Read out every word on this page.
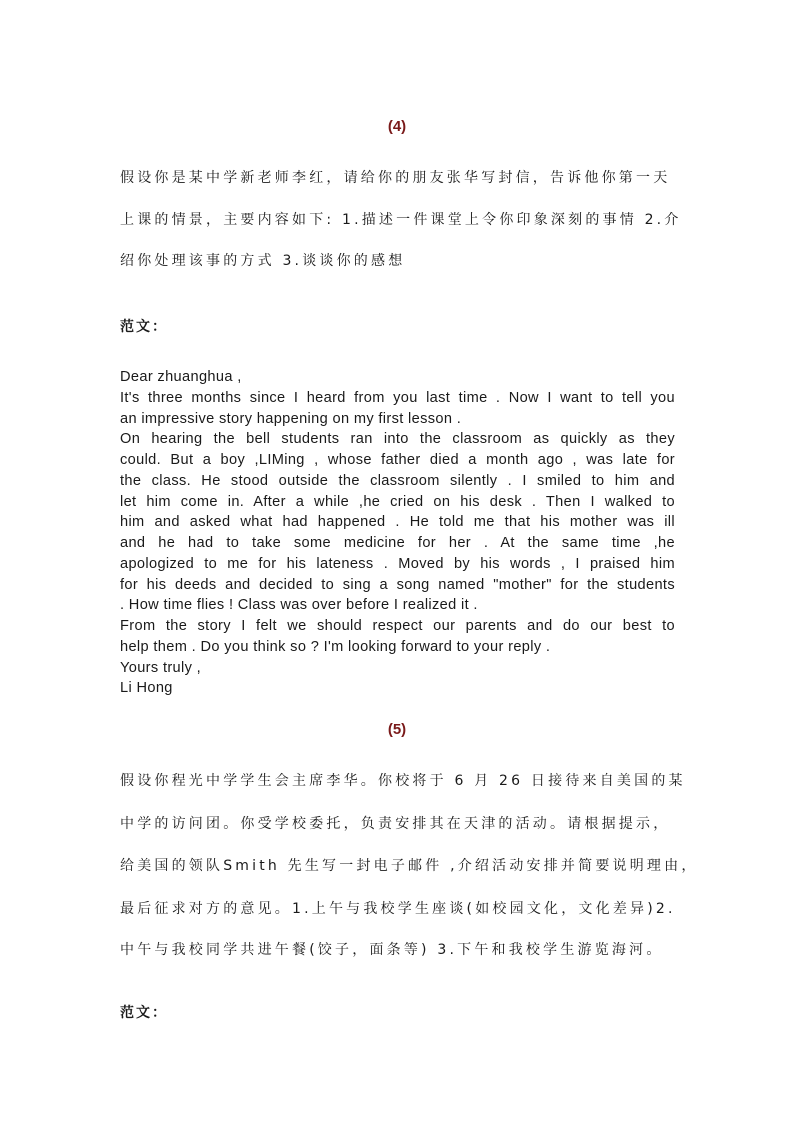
(4)

假设你是某中学新老师李红，请给你的朋友张华写封信，告诉他你第一天

上课的情景，主要内容如下: 1.描述一件课堂上令你印象深刻的事情 2.介

绍你处理该事的方式 3.谈谈你的感想

范文：
Dear zhuanghua ,
It's three months since I heard from you last time . Now I want to tell you
an impressive story happening on my first lesson .
On hearing the bell students ran into the classroom as quickly as they
could. But a boy ,LIMing , whose father died a month ago , was late for
the class. He stood outside the classroom silently . I smiled to him and
let him come in. After a while ,he cried on his desk . Then I walked to
him and asked what had happened . He told me that his mother was ill
and he had to take some medicine for her . At the same time ,he
apologized to me for his lateness . Moved by his words , I praised him
for his deeds and decided to sing a song named "mother" for the students
. How time flies ! Class was over before I realized it .
From the story I felt we should respect our parents and do our best to
help them . Do you think so ? I'm looking forward to your reply .
Yours truly ,
Li Hong
(5)

假设你程光中学学生会主席李华。你校将于 6 月 26 日接待来自美国的某

中学的访问团。你受学校委托，负责安排其在天津的活动。请根据提示，

给美国的领队Smith 先生写一封电子邮件 ,介绍活动安排并简要说明理由，

最后征求对方的意见。1.上午与我校学生座谈(如校园文化，文化差异)2.

中午与我校同学共进午餐(饺子，面条等) 3.下午和我校学生游览海河。

范文：
